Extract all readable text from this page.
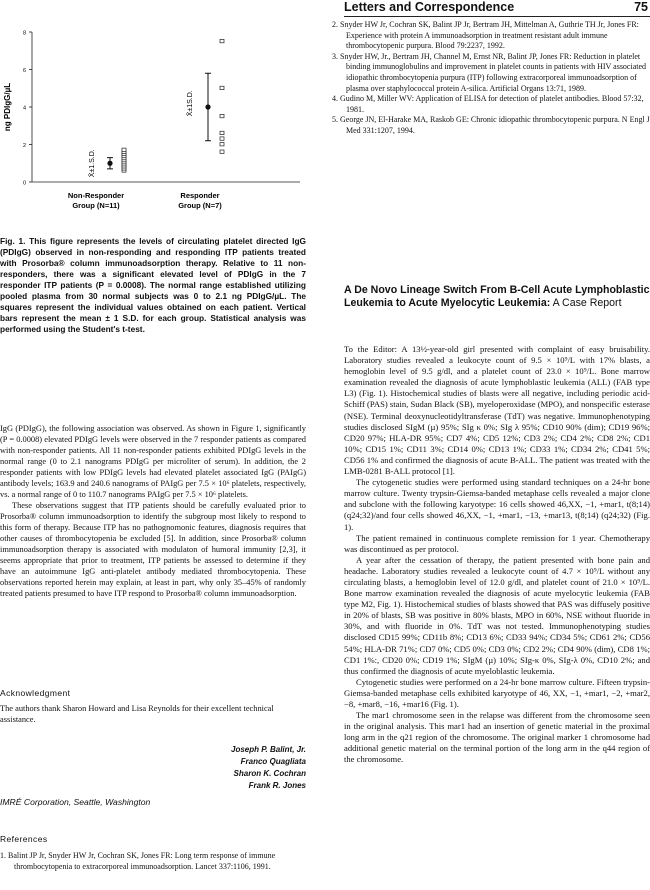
Letters and Correspondence	75
0
2
4
6
8
ng PDIgG/µL
X̄±1.S.D.
Non-Responder
Group (N=11)
X̄±1S.D.
Responder
Group (N=7)
Fig. 1. This figure represents the levels of circulating platelet directed IgG (PDIgG) observed in non-responding and responding ITP patients treated with Prosorba® column immunoadsorption therapy. Relative to 11 non-responders, there was a significant elevated level of PDIgG in the 7 responder ITP patients (P = 0.0008). The normal range established utilizing pooled plasma from 30 normal subjects was 0 to 2.1 ng PDIgG/µL. The squares represent the individual values obtained on each patient. Vertical bars represent the mean ± 1 S.D. for each group. Statistical analysis was performed using the Student's t-test.

IgG (PDIgG), the following association was observed. As shown in Figure 1, significantly (P = 0.0008) elevated PDIgG levels were observed in the 7 responder patients as compared with non-responder patients. All 11 non-responder patients exhibited PDIgG levels in the normal range (0 to 2.1 nanograms PDIgG per microliter of serum). In addition, the 2 responder patients with low PDIgG levels had elevated platelet associated IgG (PAIgG) antibody levels; 163.9 and 240.6 nanograms of PAIgG per 7.5 × 10⁶ platelets, respectively, vs. a normal range of 0 to 110.7 nanograms PAIgG per 7.5 × 10⁶ platelets.

These observations suggest that ITP patients should be carefully evaluated prior to Prosorba® column immunoadsorption to identify the subgroup most likely to respond to this form of therapy. Because ITP has no pathognomonic features, diagnosis requires that other causes of thrombocytopenia be excluded [5]. In addition, since Prosorba® column immunoadsorption therapy is associated with modulaton of humoral immunity [2,3], it seems appropriate that prior to treatment, ITP patients be assessed to determine if they have an autoimmune IgG anti-platelet antibody mediated thrombocytopenia. These observations reported herein may explain, at least in part, why only 35–45% of randomly treated patients presumed to have ITP respond to Prosorba® column immunoadsorption.

Acknowledgment
The authors thank Sharon Howard and Lisa Reynolds for their excellent technical assistance.
Joseph P. Balint, Jr.
Franco Quagliata
Sharon K. Cochran
Frank R. Jones
IMRÉ Corporation, Seattle, Washington
References
1. Balint JP Jr, Snyder HW Jr, Cochran SK, Jones FR: Long term response of immune thrombocytopenia to extracorporeal immunoadsorption. Lancet 337:1106, 1991.
2. Snyder HW Jr, Cochran SK, Balint JP Jr, Bertram JH, Mittelman A, Guthrie TH Jr, Jones FR: Experience with protein A immunoadsorption in treatment resistant adult immune thrombocytopenic purpura. Blood 79:2237, 1992.
3. Snyder HW, Jr., Bertram JH, Channel M, Ernst NR, Balint JP, Jones FR: Reduction in platelet binding immunoglobulins and improvement in platelet counts in patients with HIV associated idiopathic thrombocytopenia purpura (ITP) following extracorporeal immunoadsorption of plasma over staphylococcal protein A-silica. Artificial Organs 13:71, 1989.
4. Gudino M, Miller WV: Application of ELISA for detection of platelet antibodies. Blood 57:32, 1981.
5. George JN, El-Harake MA, Raskob GE: Chronic idiopathic thrombocytopenic purpura. N Engl J Med 331:1207, 1994.
A De Novo Lineage Switch From B-Cell Acute Lymphoblastic Leukemia to Acute Myelocytic Leukemia: A Case Report

To the Editor: A 13½-year-old girl presented with complaint of easy bruisability. Laboratory studies revealed a leukocyte count of 9.5 × 10⁹/L with 17% blasts, a hemoglobin level of 9.5 g/dl, and a platelet count of 23.0 × 10⁹/L. Bone marrow examination revealed the diagnosis of acute lymphoblastic leukemia (ALL) (FAB type L3) (Fig. 1). Histochemical studies of blasts were all negative, including periodic acid-Schiff (PAS) stain, Sudan Black (SB), myeloperoxidase (MPO), and nonspecific esterase (NSE). Terminal deoxynucleotidyltransferase (TdT) was negative. Immunophenotyping studies disclosed SIgM (µ) 95%; SIg κ 0%; SIg λ 95%; CD10 90% (dim); CD19 96%; CD20 97%; HLA-DR 95%; CD7 4%; CD5 12%; CD3 2%; CD4 2%; CD8 2%; CD1 10%; CD15 1%; CD11 3%; CD14 0%; CD13 1%; CD33 1%; CD34 2%; CD41 5%; CD56 1% and confirmed the diagnosis of acute B-ALL. The patient was treated with the LMB-0281 B-ALL protocol [1].

The cytogenetic studies were performed using standard techniques on a 24-hr bone marrow culture. Twenty trypsin-Giemsa-banded metaphase cells revealed a major clone and subclone with the following karyotype: 16 cells showed 46,XX, −1, +mar1, t(8;14) (q24;32)/and four cells showed 46,XX, −1, +mar1, −13, +mar13, t(8;14) (q24;32) (Fig. 1).

The patient remained in continuous complete remission for 1 year. Chemotherapy was discontinued as per protocol.

A year after the cessation of therapy, the patient presented with bone pain and headache. Laboratory studies revealed a leukocyte count of 4.7 × 10⁹/L without any circulating blasts, a hemoglobin level of 12.0 g/dl, and platelet count of 21.0 × 10⁹/L. Bone marrow examination revealed the diagnosis of acute myelocytic leukemia (FAB type M2, Fig. 1). Histochemical studies of blasts showed that PAS was diffusely positive in 20% of blasts, SB was positive in 80% blasts, MPO in 60%, NSE without fluoride in 30%, and with fluoride in 0%. TdT was not tested. Immunophenotyping studies disclosed CD15 99%; CD11b 8%; CD13 6%; CD33 94%; CD34 5%; CD61 2%; CD56 54%; HLA-DR 71%; CD7 0%; CD5 0%; CD3 0%; CD2 2%; CD4 90% (dim), CD8 1%; CD1 1%:, CD20 0%; CD19 1%; SIgM (µ) 10%; SIg-κ 0%, SIg-λ 0%, CD10 2%; and thus confirmed the diagnosis of acute myeloblastic leukemia.

Cytogenetic studies were performed on a 24-hr bone marrow culture. Fifteen trypsin-Giemsa-banded metaphase cells exhibited karyotype of 46, XX, −1, +mar1, −2, +mar2, −8, +mar8, −16, +mar16 (Fig. 1).

The mar1 chromosome seen in the relapse was different from the chromosome seen in the original analysis. This mar1 had an insertion of genetic material in the proximal long arm in the q21 region of the chromosome. The original marker 1 chromosome had additional genetic material on the terminal portion of the long arm in the q44 region of the chromosome.
